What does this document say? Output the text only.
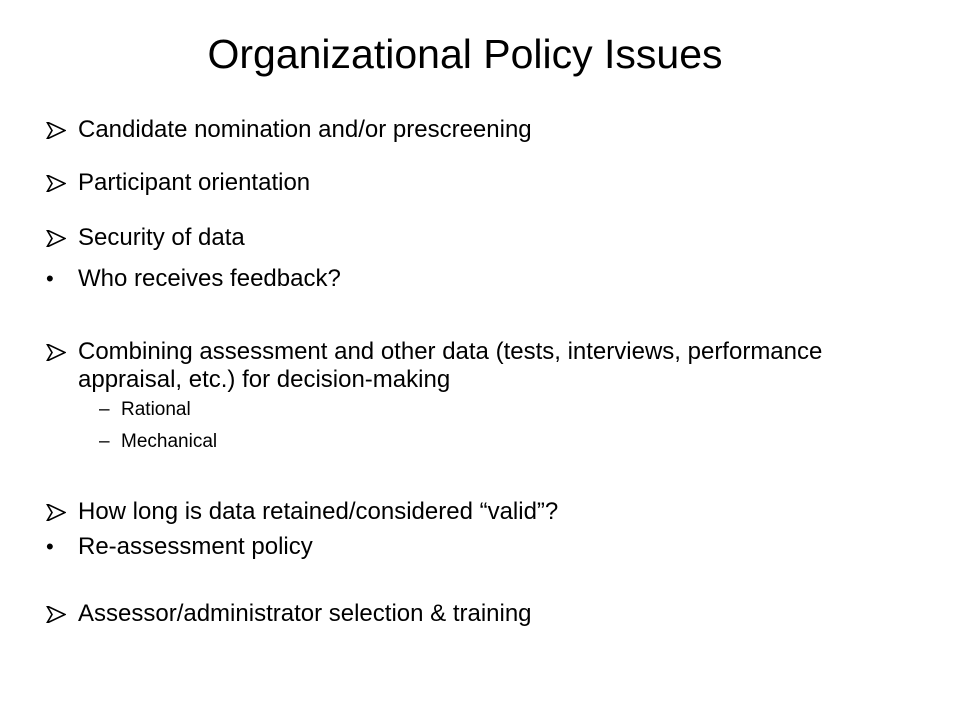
Organizational Policy Issues
Candidate nomination and/or prescreening
Participant orientation
Security of data
•	Who receives feedback?
Combining assessment and other data (tests, interviews, performance appraisal, etc.) for decision-making
– Rational
– Mechanical
How long is data retained/considered “valid”?
•	Re-assessment policy
Assessor/administrator selection & training
